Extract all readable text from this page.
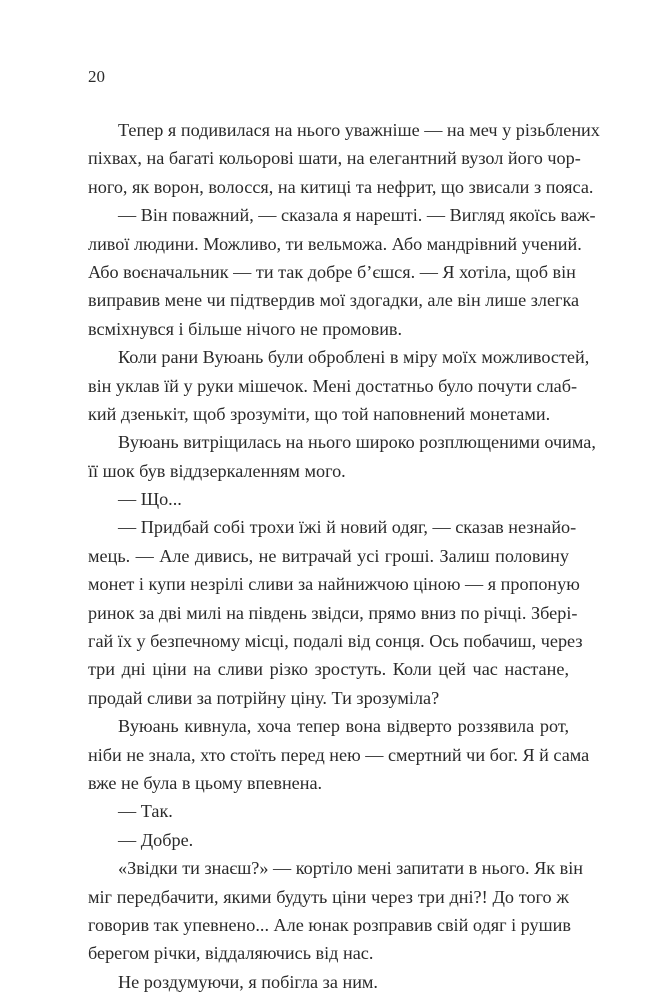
20
Тепер я подивилася на нього уважніше — на меч у різьблених
піхвах, на багаті кольорові шати, на елегантний вузол його чор-
ного, як ворон, волосся, на китиці та нефрит, що звисали з пояса.
— Він поважний, — сказала я нарешті. — Вигляд якоїсь важ-
ливої людини. Можливо, ти вельможа. Або мандрівний учений.
Або воєначальник — ти так добре б’єшся. — Я хотіла, щоб він
виправив мене чи підтвердив мої здогадки, але він лише злегка
всміхнувся і більше нічого не промовив.
Коли рани Вуюань були оброблені в міру моїх можливостей,
він уклав їй у руки мішечок. Мені достатньо було почути слаб-
кий дзенькіт, щоб зрозуміти, що той наповнений монетами.
Вуюань витріщилась на нього широко розплющеними очима,
її шок був віддзеркаленням мого.
— Що...
— Придбай собі трохи їжі й новий одяг, — сказав незнайо-
мець. — Але дивись, не витрачай усі гроші. Залиш половину
монет і купи незрілі сливи за найнижчою ціною — я пропоную
ринок за дві милі на південь звідси, прямо вниз по річці. Збері-
гай їх у безпечному місці, подалі від сонця. Ось побачиш, через
три дні ціни на сливи різко зростуть. Коли цей час настане,
продай сливи за потрійну ціну. Ти зрозуміла?
Вуюань кивнула, хоча тепер вона відверто роззявила рот,
ніби не знала, хто стоїть перед нею — смертний чи бог. Я й сама
вже не була в цьому впевнена.
— Так.
— Добре.
«Звідки ти знаєш?» — кортіло мені запитати в нього. Як він
міг передбачити, якими будуть ціни через три дні?! До того ж
говорив так упевнено... Але юнак розправив свій одяг і рушив
берегом річки, віддаляючись від нас.
Не роздумуючи, я побігла за ним.
